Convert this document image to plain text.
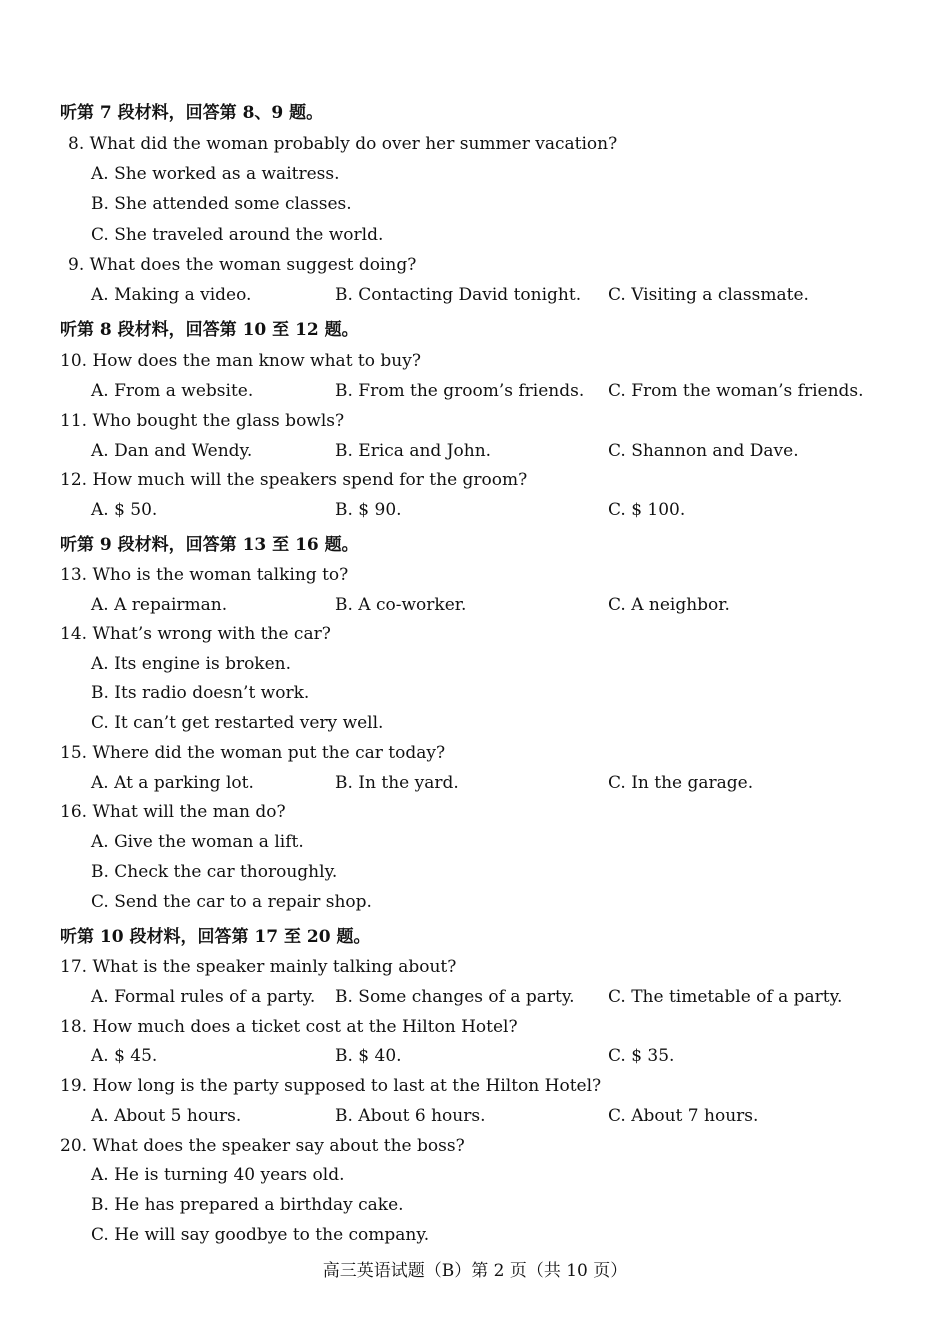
听第 7 段材料，回答第 8、9 题。
8. What did the woman probably do over her summer vacation?
A. She worked as a waitress.
B. She attended some classes.
C. She traveled around the world.
9. What does the woman suggest doing?
A. Making a video.	B. Contacting David tonight. C. Visiting a classmate.
听第 8 段材料，回答第 10 至 12 题。
10. How does the man know what to buy?
A. From a website.	B. From the groom’s friends. C. From the woman’s friends.
11. Who bought the glass bowls?
A. Dan and Wendy.	B. Erica and John.	C. Shannon and Dave.
12. How much will the speakers spend for the groom?
A. $ 50.	B. $ 90.	C. $ 100.
听第 9 段材料，回答第 13 至 16 题。
13. Who is the woman talking to?
A. A repairman.	B. A co-worker.	C. A neighbor.
14. What’s wrong with the car?
A. Its engine is broken.
B. Its radio doesn’t work.
C. It can’t get restarted very well.
15. Where did the woman put the car today?
A. At a parking lot.	B. In the yard.	C. In the garage.
16. What will the man do?
A. Give the woman a lift.
B. Check the car thoroughly.
C. Send the car to a repair shop.
听第 10 段材料，回答第 17 至 20 题。
17. What is the speaker mainly talking about?
A. Formal rules of a party. B. Some changes of a party. C. The timetable of a party.
18. How much does a ticket cost at the Hilton Hotel?
A. $ 45.	B. $ 40.	C. $ 35.
19. How long is the party supposed to last at the Hilton Hotel?
A. About 5 hours.	B. About 6 hours.	C. About 7 hours.
20. What does the speaker say about the boss?
A. He is turning 40 years old.
B. He has prepared a birthday cake.
C. He will say goodbye to the company.
高三英语试题（B）第 2 页（共 10 页）
